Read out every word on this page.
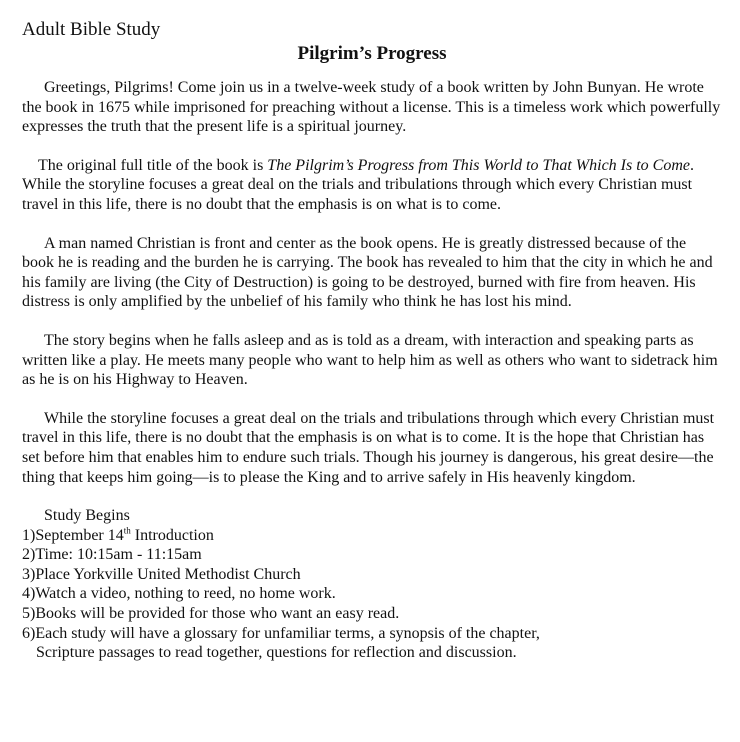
Adult Bible Study

Pilgrim’s Progress

Greetings, Pilgrims! Come join us in a twelve-week study of a book written by John Bunyan. He wrote the book in 1675 while imprisoned for preaching without a license. This is a timeless work which powerfully expresses the truth that the present life is a spiritual journey.

The original full title of the book is The Pilgrim’s Progress from This World to That Which Is to Come. While the storyline focuses a great deal on the trials and tribulations through which every Christian must travel in this life, there is no doubt that the emphasis is on what is to come.

A man named Christian is front and center as the book opens. He is greatly distressed because of the book he is reading and the burden he is carrying. The book has revealed to him that the city in which he and his family are living (the City of Destruction) is going to be destroyed, burned with fire from heaven. His distress is only amplified by the unbelief of his family who think he has lost his mind.

The story begins when he falls asleep and as is told as a dream, with interaction and speaking parts as written like a play. He meets many people who want to help him as well as others who want to sidetrack him as he is on his Highway to Heaven.

While the storyline focuses a great deal on the trials and tribulations through which every Christian must travel in this life, there is no doubt that the emphasis is on what is to come. It is the hope that Christian has set before him that enables him to endure such trials. Though his journey is dangerous, his great desire—the thing that keeps him going—is to please the King and to arrive safely in His heavenly kingdom.

Study Begins

1)September 14th Introduction
2)Time: 10:15am - 11:15am
3)Place Yorkville United Methodist Church
4)Watch a video, nothing to reed, no home work.
5)Books will be provided for those who want an easy read.
6)Each study will have a glossary for unfamiliar terms, a synopsis of the chapter,
Scripture passages to read together, questions for reflection and discussion.
